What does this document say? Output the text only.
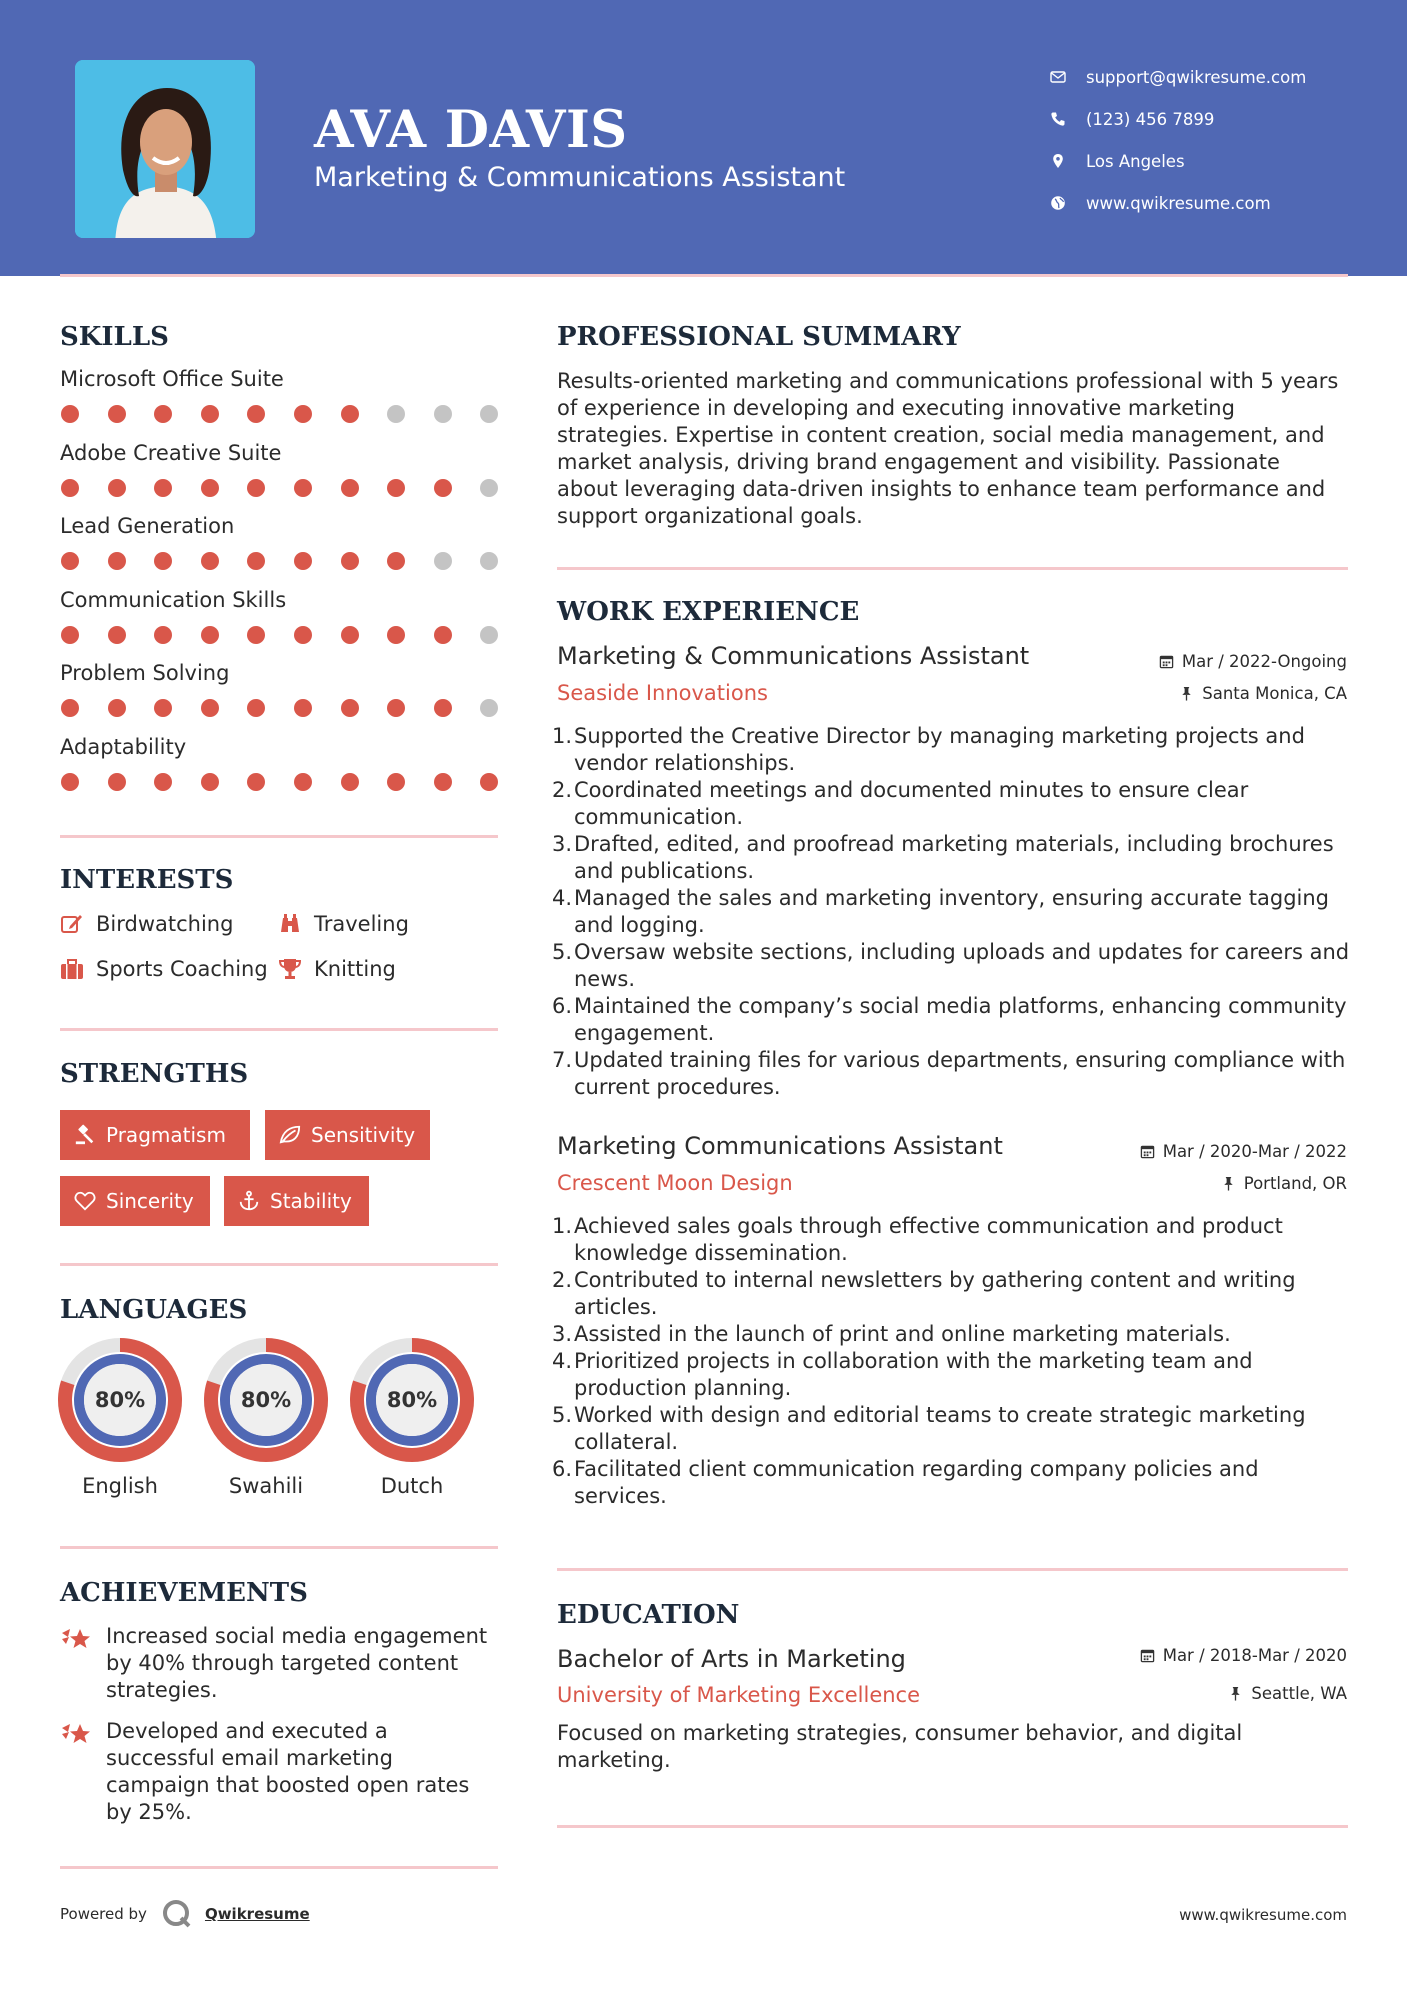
AVA DAVIS
Marketing & Communications Assistant
support@qwikresume.com
(123) 456 7899
Los Angeles
www.qwikresume.com
SKILLS
Microsoft Office Suite
Adobe Creative Suite
Lead Generation
Communication Skills
Problem Solving
Adaptability
INTERESTS
Birdwatching	Traveling
Sports Coaching Knitting
STRENGTHS
Pragmatism	Sensitivity
Sincerity	Stability
LANGUAGES
80%
English
80%
Swahili
80%
Dutch
ACHIEVEMENTS
Increased social media engagement by 40% through targeted content strategies.
Developed and executed a successful email marketing campaign that boosted open rates by 25%.
PROFESSIONAL SUMMARY
Results-oriented marketing and communications professional with 5 years of experience in developing and executing innovative marketing strategies. Expertise in content creation, social media management, and market analysis, driving brand engagement and visibility. Passionate about leveraging data-driven insights to enhance team performance and support organizational goals.
WORK EXPERIENCE
Marketing & Communications Assistant	Mar / 2022-Ongoing
Seaside Innovations	Santa Monica, CA
1. Supported the Creative Director by managing marketing projects and vendor relationships.
2. Coordinated meetings and documented minutes to ensure clear communication.
3. Drafted, edited, and proofread marketing materials, including brochures and publications.
4. Managed the sales and marketing inventory, ensuring accurate tagging and logging.
5. Oversaw website sections, including uploads and updates for careers and news.
6. Maintained the company’s social media platforms, enhancing community engagement.
7. Updated training files for various departments, ensuring compliance with current procedures.
Marketing Communications Assistant	Mar / 2020-Mar / 2022
Crescent Moon Design	Portland, OR
1. Achieved sales goals through effective communication and product knowledge dissemination.
2. Contributed to internal newsletters by gathering content and writing articles.
3. Assisted in the launch of print and online marketing materials.
4. Prioritized projects in collaboration with the marketing team and production planning.
5. Worked with design and editorial teams to create strategic marketing collateral.
6. Facilitated client communication regarding company policies and services.
EDUCATION
Bachelor of Arts in Marketing	Mar / 2018-Mar / 2020
University of Marketing Excellence	Seattle, WA
Focused on marketing strategies, consumer behavior, and digital marketing.
Powered by	Qwikresume	www.qwikresume.com
